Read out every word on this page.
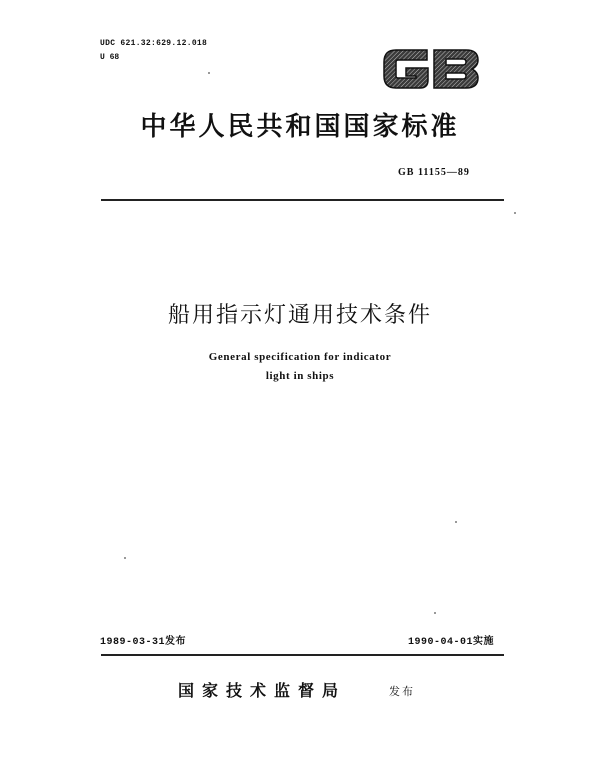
UDC 621.32:629.12.018
U 68
中华人民共和国国家标准
GB 11155—89
船用指示灯通用技术条件
General specification for indicator
light in ships
1989-03-31发布	1990-04-01实施
国家技术监督局	发布
